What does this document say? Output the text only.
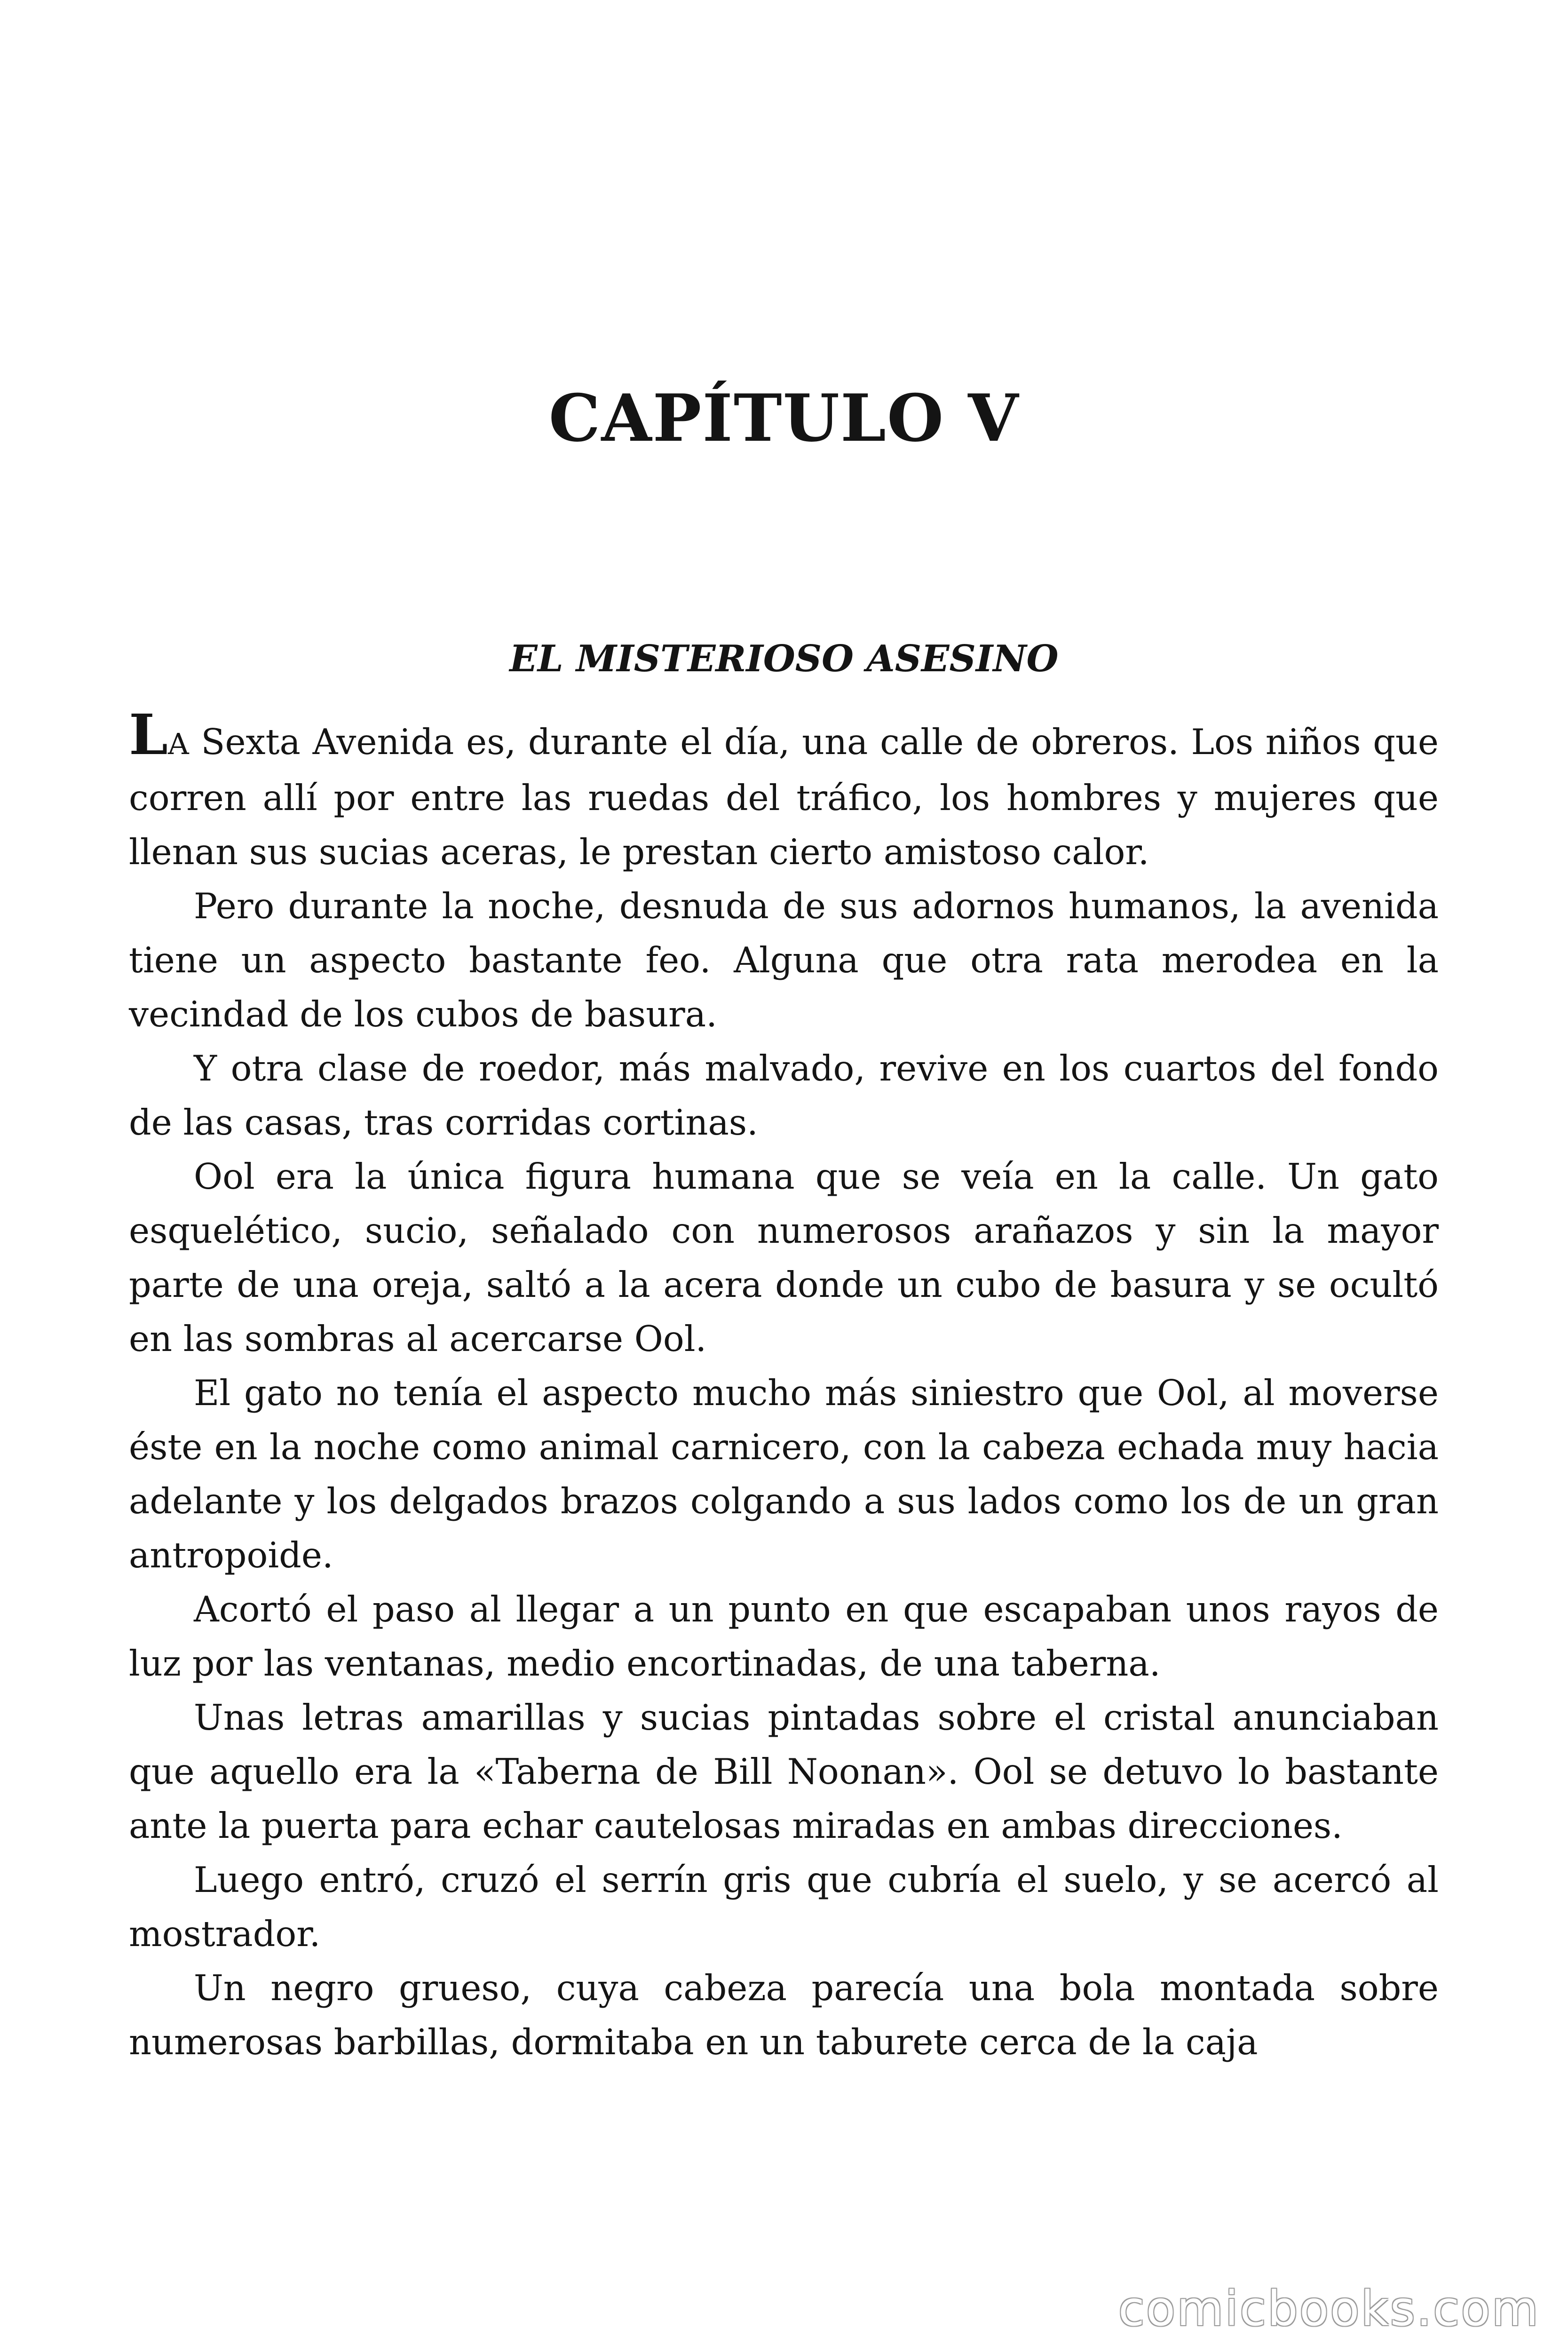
CAPÍTULO V
EL MISTERIOSO ASESINO

LA Sexta Avenida es, durante el día, una calle de obreros. Los niños que corren allí por entre las ruedas del tráfico, los hombres y mujeres que llenan sus sucias aceras, le prestan cierto amistoso calor.

Pero durante la noche, desnuda de sus adornos humanos, la avenida tiene un aspecto bastante feo. Alguna que otra rata merodea en la vecindad de los cubos de basura.

Y otra clase de roedor, más malvado, revive en los cuartos del fondo de las casas, tras corridas cortinas.

Ool era la única figura humana que se veía en la calle. Un gato esquelético, sucio, señalado con numerosos arañazos y sin la mayor parte de una oreja, saltó a la acera donde un cubo de basura y se ocultó en las sombras al acercarse Ool.

El gato no tenía el aspecto mucho más siniestro que Ool, al moverse éste en la noche como animal carnicero, con la cabeza echada muy hacia adelante y los delgados brazos colgando a sus lados como los de un gran antropoide.

Acortó el paso al llegar a un punto en que escapaban unos rayos de luz por las ventanas, medio encortinadas, de una taberna.

Unas letras amarillas y sucias pintadas sobre el cristal anunciaban que aquello era la «Taberna de Bill Noonan». Ool se detuvo lo bastante ante la puerta para echar cautelosas miradas en ambas direcciones.

Luego entró, cruzó el serrín gris que cubría el suelo, y se acercó al mostrador.

Un negro grueso, cuya cabeza parecía una bola montada sobre numerosas barbillas, dormitaba en un taburete cerca de la caja

comicbooks.com
